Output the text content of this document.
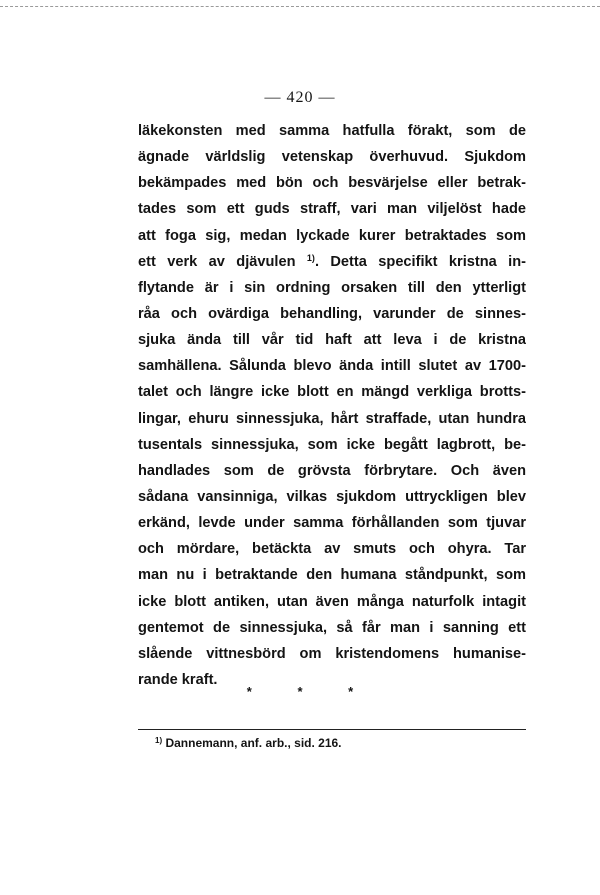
— 420 —
läkekonsten med samma hatfulla förakt, som de
ägnade världslig vetenskap överhuvud. Sjukdom
bekämpades med bön och besvärjelse eller betrak-
tades som ett guds straff, vari man viljelöst hade
att foga sig, medan lyckade kurer betraktades som
ett verk av djävulen $^{1)}$. Detta specifikt kristna in-
flytande är i sin ordning orsaken till den ytterligt
råa och ovärdiga behandling, varunder de sinnes-
sjuka ända till vår tid haft att leva i de kristna
samhällena. Sålunda blevo ända intill slutet av 1700-
talet och längre icke blott en mängd verkliga brotts-
lingar, ehuru sinnessjuka, hårt straffade, utan hundra
tusentals sinnessjuka, som icke begått lagbrott, be-
handlades som de grövsta förbrytare. Och även
sådana vansinniga, vilkas sjukdom uttryckligen blev
erkänd, levde under samma förhållanden som tjuvar
och mördare, betäckta av smuts och ohyra. Tar
man nu i betraktande den humana ståndpunkt, som
icke blott antiken, utan även många naturfolk intagit
gentemot de sinnessjuka, så får man i sanning ett
slående vittnesbörd om kristendomens humanise-
rande kraft.
*	*	*
$^{1)}$ Dannemann, anf. arb., sid. 216.
